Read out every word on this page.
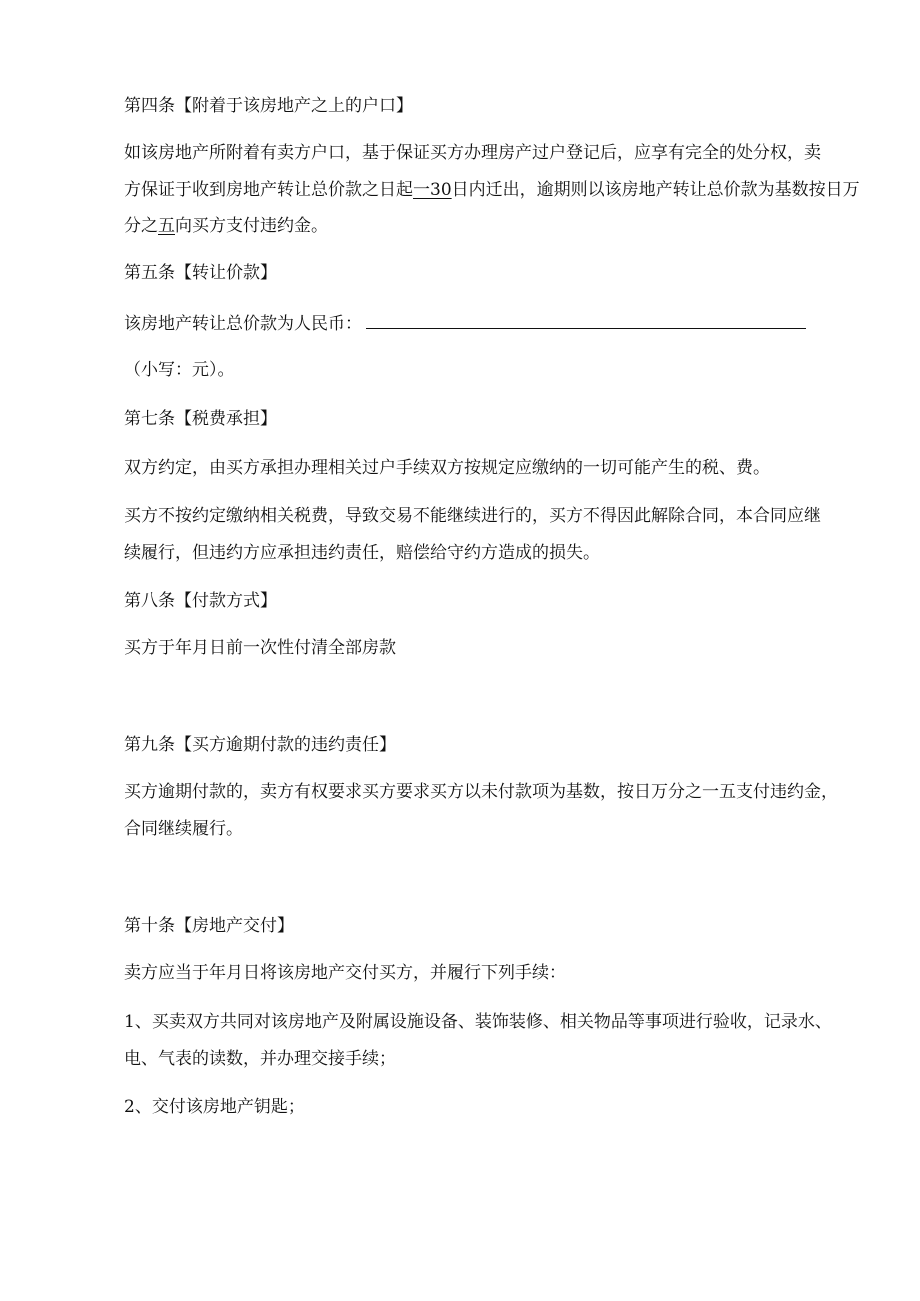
第四条【附着于该房地产之上的户口】
如该房地产所附着有卖方户口，基于保证买方办理房产过户登记后，应享有完全的处分权，卖
方保证于收到房地产转让总价款之日起一30日内迁出，逾期则以该房地产转让总价款为基数按日万
分之五向买方支付违约金。
第五条【转让价款】
该房地产转让总价款为人民币：
（小写：元）。
第七条【税费承担】
双方约定，由买方承担办理相关过户手续双方按规定应缴纳的一切可能产生的税、费。
买方不按约定缴纳相关税费，导致交易不能继续进行的，买方不得因此解除合同，本合同应继
续履行，但违约方应承担违约责任，赔偿给守约方造成的损失。
第八条【付款方式】
买方于年月日前一次性付清全部房款
第九条【买方逾期付款的违约责任】
买方逾期付款的，卖方有权要求买方要求买方以未付款项为基数，按日万分之一五支付违约金，
合同继续履行。
第十条【房地产交付】
卖方应当于年月日将该房地产交付买方，并履行下列手续：
1、买卖双方共同对该房地产及附属设施设备、装饰装修、相关物品等事项进行验收，记录水、
电、气表的读数，并办理交接手续；
2、交付该房地产钥匙；
